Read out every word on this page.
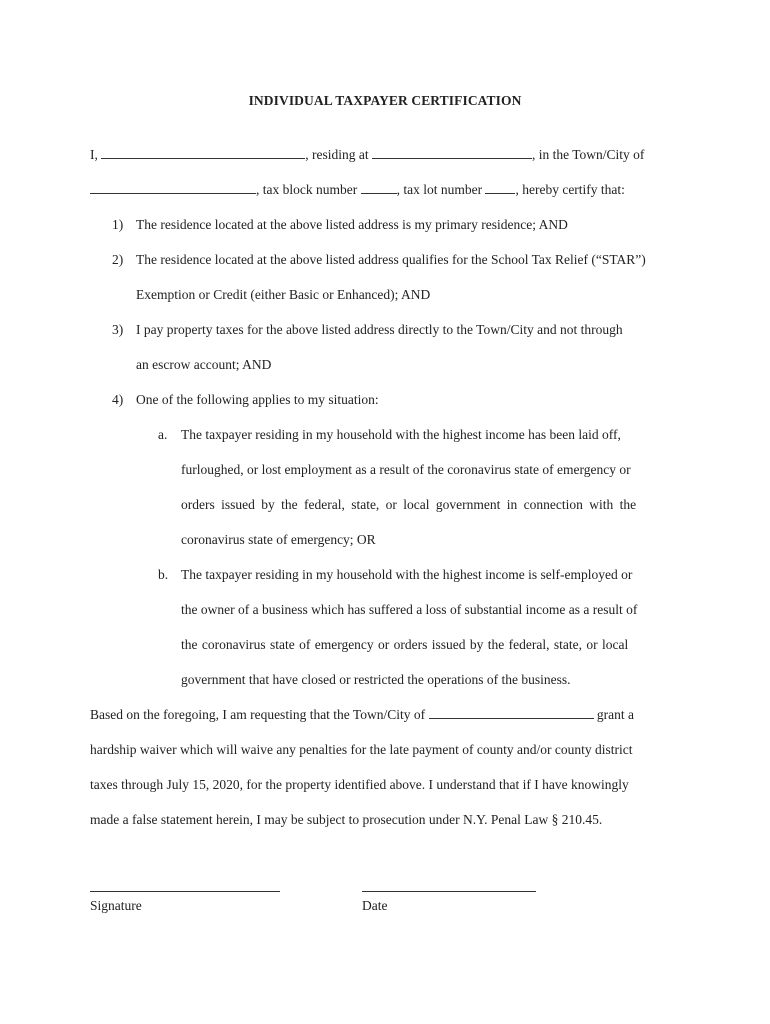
INDIVIDUAL TAXPAYER CERTIFICATION
I,	, residing at	, in the Town/City of
, tax block number	, tax lot number , hereby certify that:
1) The residence located at the above listed address is my primary residence; AND
2) The residence located at the above listed address qualifies for the School Tax Relief (“STAR”)
Exemption or Credit (either Basic or Enhanced); AND
3) I pay property taxes for the above listed address directly to the Town/City and not through
an escrow account; AND
4) One of the following applies to my situation:
a. The taxpayer residing in my household with the highest income has been laid off,
furloughed, or lost employment as a result of the coronavirus state of emergency or
orders issued by the federal, state, or local government in connection with the
coronavirus state of emergency; OR
b. The taxpayer residing in my household with the highest income is self-employed or
the owner of a business which has suffered a loss of substantial income as a result of
the coronavirus state of emergency or orders issued by the federal, state, or local
government that have closed or restricted the operations of the business.
Based on the foregoing, I am requesting that the Town/City of	grant a
hardship waiver which will waive any penalties for the late payment of county and/or county district
taxes through July 15, 2020, for the property identified above. I understand that if I have knowingly
made a false statement herein, I may be subject to prosecution under N.Y. Penal Law § 210.45.
Signature	Date
